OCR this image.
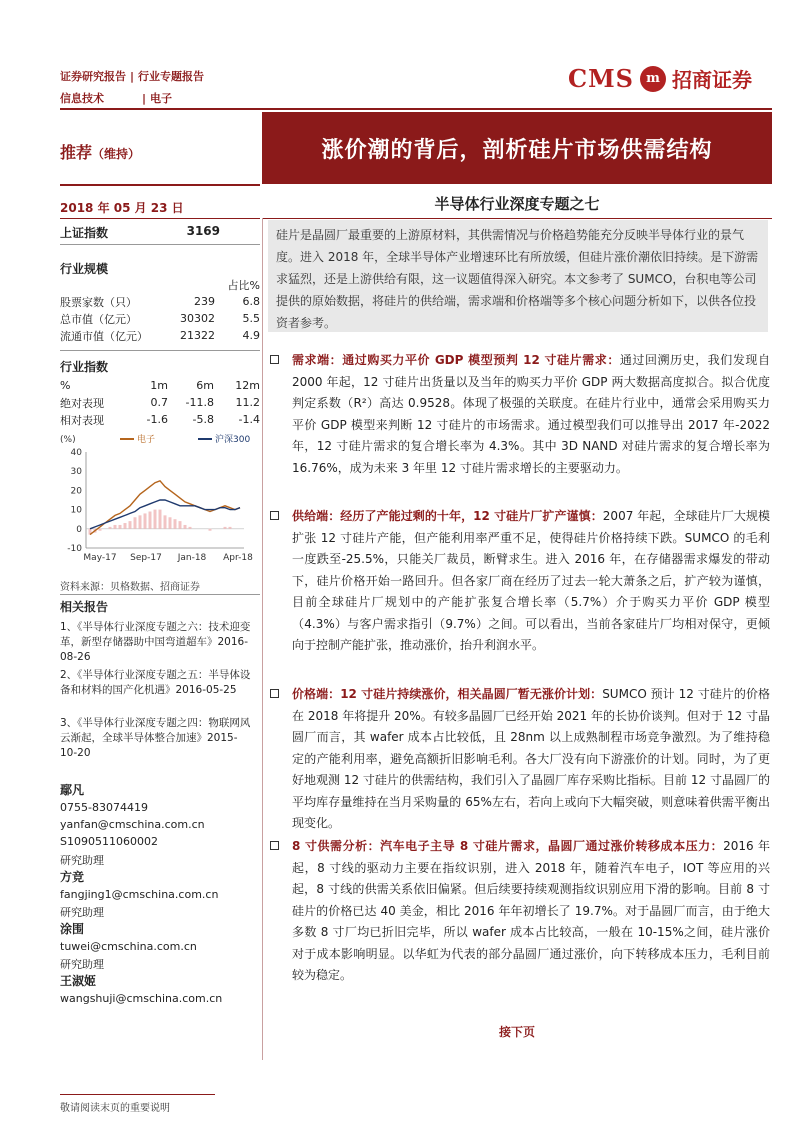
证券研究报告 | 行业专题报告
信息技术	| 电子
CMS m 招商证券
推荐（维持）	涨价潮的背后，剖析硅片市场供需结构
2018 年 05 月 23 日	半导体行业深度专题之七
上证指数	3169
行业规模
占比%
股票家数（只）	239	6.8
总市值（亿元）	30302	5.5
流通市值（亿元）	21322	4.9
行业指数
%	1m	6m	12m
绝对表现	0.7	-11.8	11.2
相对表现	-1.6	-5.8	-1.4
(%)	电子	沪深300
40
30
20
10
0
-10
May-17 Sep-17 Jan-18 Apr-18
资料来源：贝格数据、招商证券
相关报告
1、《半导体行业深度专题之六：技术迎变革，新型存储器助中国弯道超车》2016-08-26
2、《半导体行业深度专题之五：半导体设备和材料的国产化机遇》2016-05-25
3、《半导体行业深度专题之四：物联网风云渐起，全球半导体整合加速》2015-10-20
鄢凡
0755-83074419
yanfan@cmschina.com.cn
S1090511060002
研究助理
方竞
fangjing1@cmschina.com.cn
研究助理
涂围
tuwei@cmschina.com.cn
研究助理
王淑姬
wangshuji@cmschina.com.cn
硅片是晶圆厂最重要的上游原材料，其供需情况与价格趋势能充分反映半导体行业的景气度。进入 2018 年，全球半导体产业增速环比有所放缓，但硅片涨价潮依旧持续。是下游需求猛烈，还是上游供给有限，这一议题值得深入研究。本文参考了 SUMCO，台积电等公司提供的原始数据，将硅片的供给端，需求端和价格端等多个核心问题分析如下，以供各位投资者参考。
需求端：通过购买力平价 GDP 模型预判 12 寸硅片需求：通过回溯历史，我们发现自 2000 年起，12 寸硅片出货量以及当年的购买力平价 GDP 两大数据高度拟合。拟合优度判定系数（R²）高达 0.9528。体现了极强的关联度。在硅片行业中，通常会采用购买力平价 GDP 模型来判断 12 寸硅片的市场需求。通过模型我们可以推导出 2017 年-2022 年，12 寸硅片需求的复合增长率为 4.3%。其中 3D NAND 对硅片需求的复合增长率为 16.76%，成为未来 3 年里 12 寸硅片需求增长的主要驱动力。
供给端：经历了产能过剩的十年，12 寸硅片厂扩产谨慎：2007 年起，全球硅片厂大规模扩张 12 寸硅片产能，但产能利用率严重不足，使得硅片价格持续下跌。SUMCO 的毛利一度跌至-25.5%，只能关厂裁员，断臂求生。进入 2016 年，在存储器需求爆发的带动下，硅片价格开始一路回升。但各家厂商在经历了过去一轮大萧条之后，扩产较为谨慎，目前全球硅片厂规划中的产能扩张复合增长率（5.7%）介于购买力平价 GDP 模型（4.3%）与客户需求指引（9.7%）之间。可以看出，当前各家硅片厂均相对保守，更倾向于控制产能扩张，推动涨价，抬升利润水平。
价格端：12 寸硅片持续涨价，相关晶圆厂暂无涨价计划：SUMCO 预计 12 寸硅片的价格在 2018 年将提升 20%。有较多晶圆厂已经开始 2021 年的长协价谈判。但对于 12 寸晶圆厂而言，其 wafer 成本占比较低，且 28nm 以上成熟制程市场竞争激烈。为了维持稳定的产能利用率，避免高额折旧影响毛利。各大厂没有向下游涨价的计划。同时，为了更好地观测 12 寸硅片的供需结构，我们引入了晶圆厂库存采购比指标。目前 12 寸晶圆厂的平均库存量维持在当月采购量的 65%左右，若向上或向下大幅突破，则意味着供需平衡出现变化。
8 寸供需分析：汽车电子主导 8 寸硅片需求，晶圆厂通过涨价转移成本压力：2016 年起，8 寸线的驱动力主要在指纹识别，进入 2018 年，随着汽车电子，IOT 等应用的兴起，8 寸线的供需关系依旧偏紧。但后续要持续观测指纹识别应用下滑的影响。目前 8 寸硅片的价格已达 40 美金，相比 2016 年年初增长了 19.7%。对于晶圆厂而言，由于绝大多数 8 寸厂均已折旧完毕，所以 wafer 成本占比较高，一般在 10-15%之间，硅片涨价对于成本影响明显。以华虹为代表的部分晶圆厂通过涨价，向下转移成本压力，毛利目前较为稳定。
接下页
敬请阅读末页的重要说明
